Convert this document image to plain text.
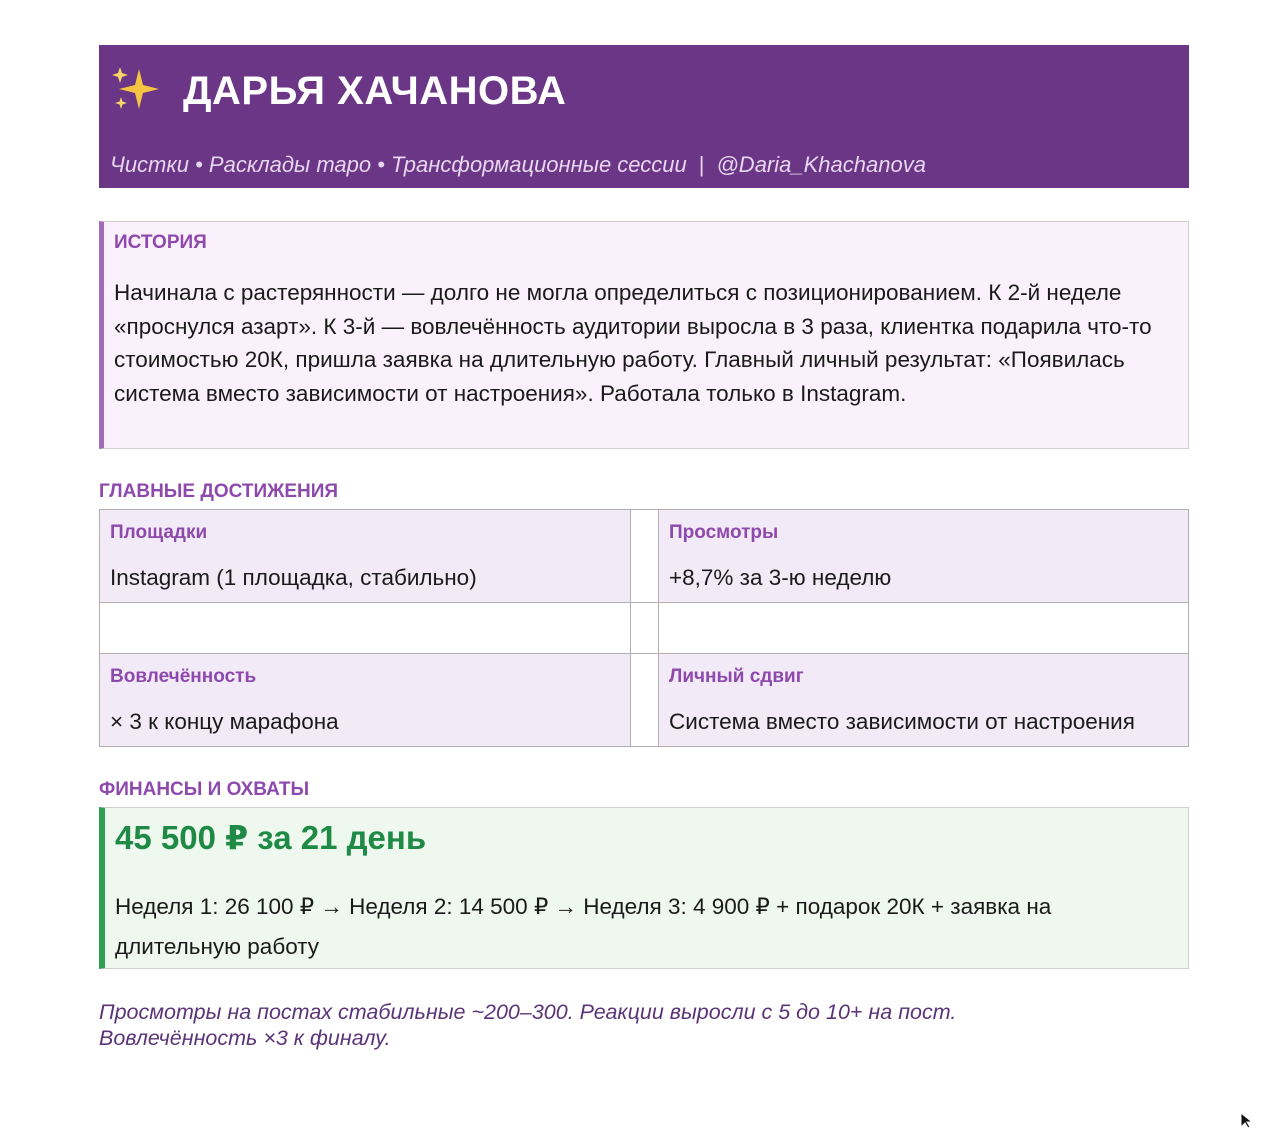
ДАРЬЯ ХАЧАНОВА
Чистки • Расклады таро • Трансформационные сессии | @Daria_Khachanova
ИСТОРИЯ

Начинала с растерянности — долго не могла определиться с позиционированием. К 2-й неделе «проснулся азарт». К 3-й — вовлечённость аудитории выросла в 3 раза, клиентка подарила что-то стоимостью 20К, пришла заявка на длительную работу. Главный личный результат: «Появилась система вместо зависимости от настроения». Работала только в Instagram.

ГЛАВНЫЕ ДОСТИЖЕНИЯ
Площадки
Instagram (1 площадка, стабильно)
Просмотры
+8,7% за 3-ю неделю
Вовлечённость
× 3 к концу марафона
Личный сдвиг
Система вместо зависимости от настроения
ФИНАНСЫ И ОХВАТЫ

45 500 ₽ за 21 день

Неделя 1: 26 100 ₽ → Неделя 2: 14 500 ₽ → Неделя 3: 4 900 ₽ + подарок 20К + заявка на длительную работу

Просмотры на постах стабильные ~200–300. Реакции выросли с 5 до 10+ на пост.
Вовлечённость ×3 к финалу.
